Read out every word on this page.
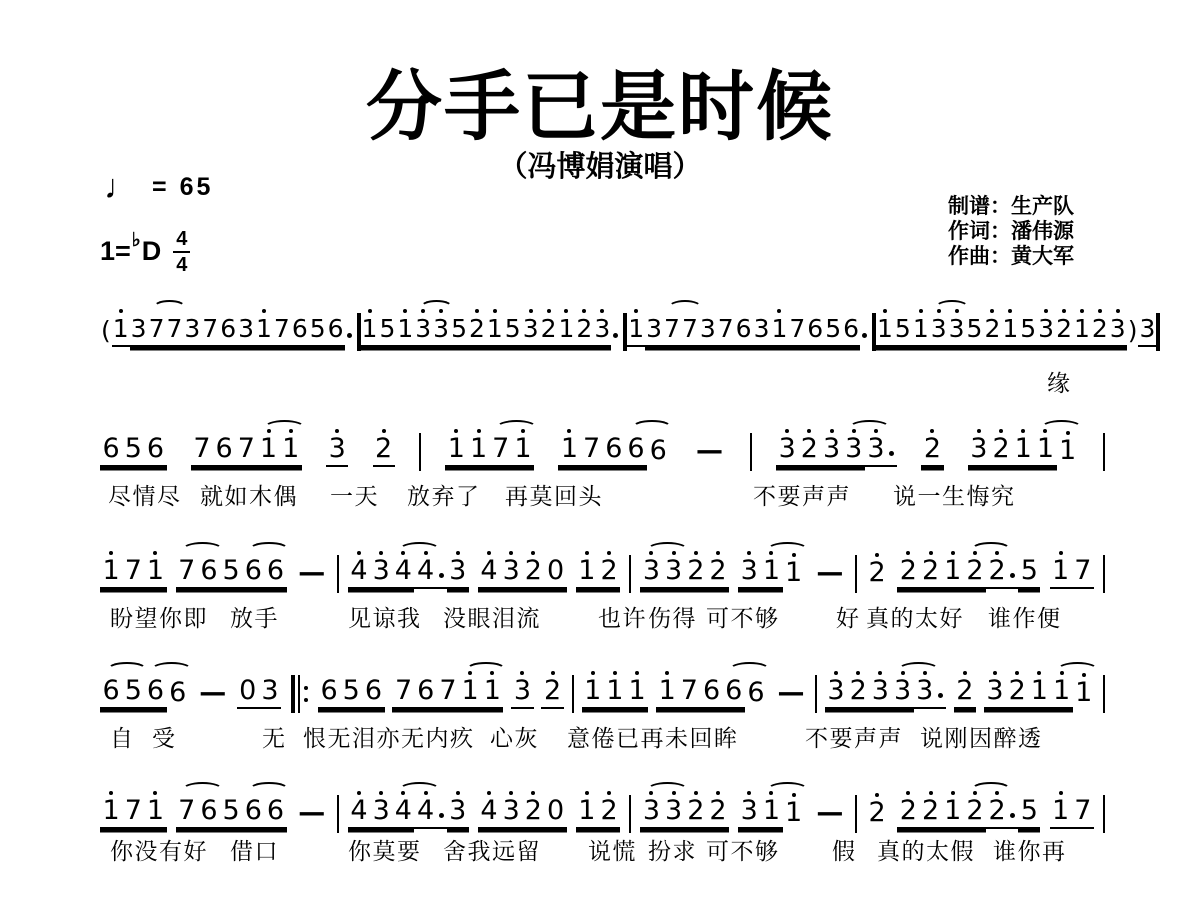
分手已是时候
（冯博娟演唱）
♩ = 65
1= ♭ D $\frac{4}{4}$
制谱：生产队
作词：潘伟源
作曲：黄大军
( 1 3 7 7 3 7 6 3 1 7 6 5 6 1 5 1 3 3 5 2 1 5 3 2 1 2 3 1 3 7 7 3 7 6 3 1 7 6 5 6 1 5 1 3 3 5 2 1 5 3 2 1 2 3 ) 3
缘
6 5 6 7 6 7 1 1 3 2 1 1 7 1 1 7 6 6 6 — 3 2 3 3 3 2 3 2 1 1 1
尽情尽 就如木偶 一天 放弃了 再莫回头	不要声声 说一生悔究
1 7 1 7 6 5 6 6 — 4 3 4 4 3 4 3 2 0 1 2 3 3 2 2 3 1 1 — 2 2 2 1 2 2 5 1 7
盼望你即 放手	见谅我 没眼泪流 也许 伤得 可不够 好 真的太好 谁作便
6 5 6 6 — 0 3 6 5 6 7 6 7 1 1 3 2 1 1 1 1 7 6 6 6 — 3 2 3 3 3 2 3 2 1 1 1
自 受	无 恨无泪亦无内疚 心灰 意倦已再未回眸	不要声声 说刚因醉透
1 7 1 7 6 5 6 6 — 4 3 4 4 3 4 3 2 0 1 2 3 3 2 2 3 1 1 — 2 2 2 1 2 2 5 1 7
你没有好 借口	你莫要 舍我远留 说慌 扮求 可不够 假 真的太假 谁你再
